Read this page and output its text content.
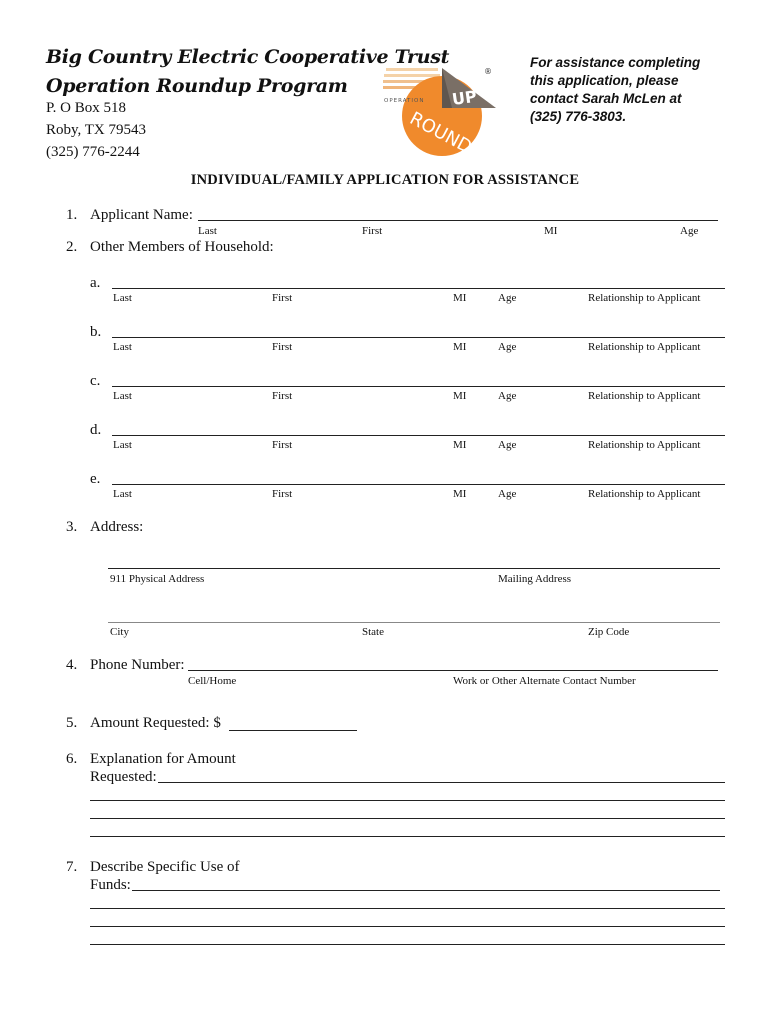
Big Country Electric Cooperative Trust
Operation Roundup Program
P. O Box 518
Roby, TX 79543
(325) 776-2244
UP
®
OPERATION
ROUND
For assistance completing
this application, please
contact Sarah McLen at
(325) 776-3803.
INDIVIDUAL/FAMILY APPLICATION FOR ASSISTANCE
1. Applicant Name:
Last	First	MI	Age
2. Other Members of Household:
a.
Last	First	MI	Age	Relationship to Applicant
b.
Last	First	MI	Age	Relationship to Applicant
c.
Last	First	MI	Age	Relationship to Applicant
d.
Last	First	MI	Age	Relationship to Applicant
e.
Last	First	MI	Age	Relationship to Applicant
3. Address:
911 Physical Address	Mailing Address
City	State	Zip Code
4. Phone Number:
Cell/Home	Work or Other Alternate Contact Number
5. Amount Requested: $
6. Explanation for Amount
Requested:
7. Describe Specific Use of
Funds:
